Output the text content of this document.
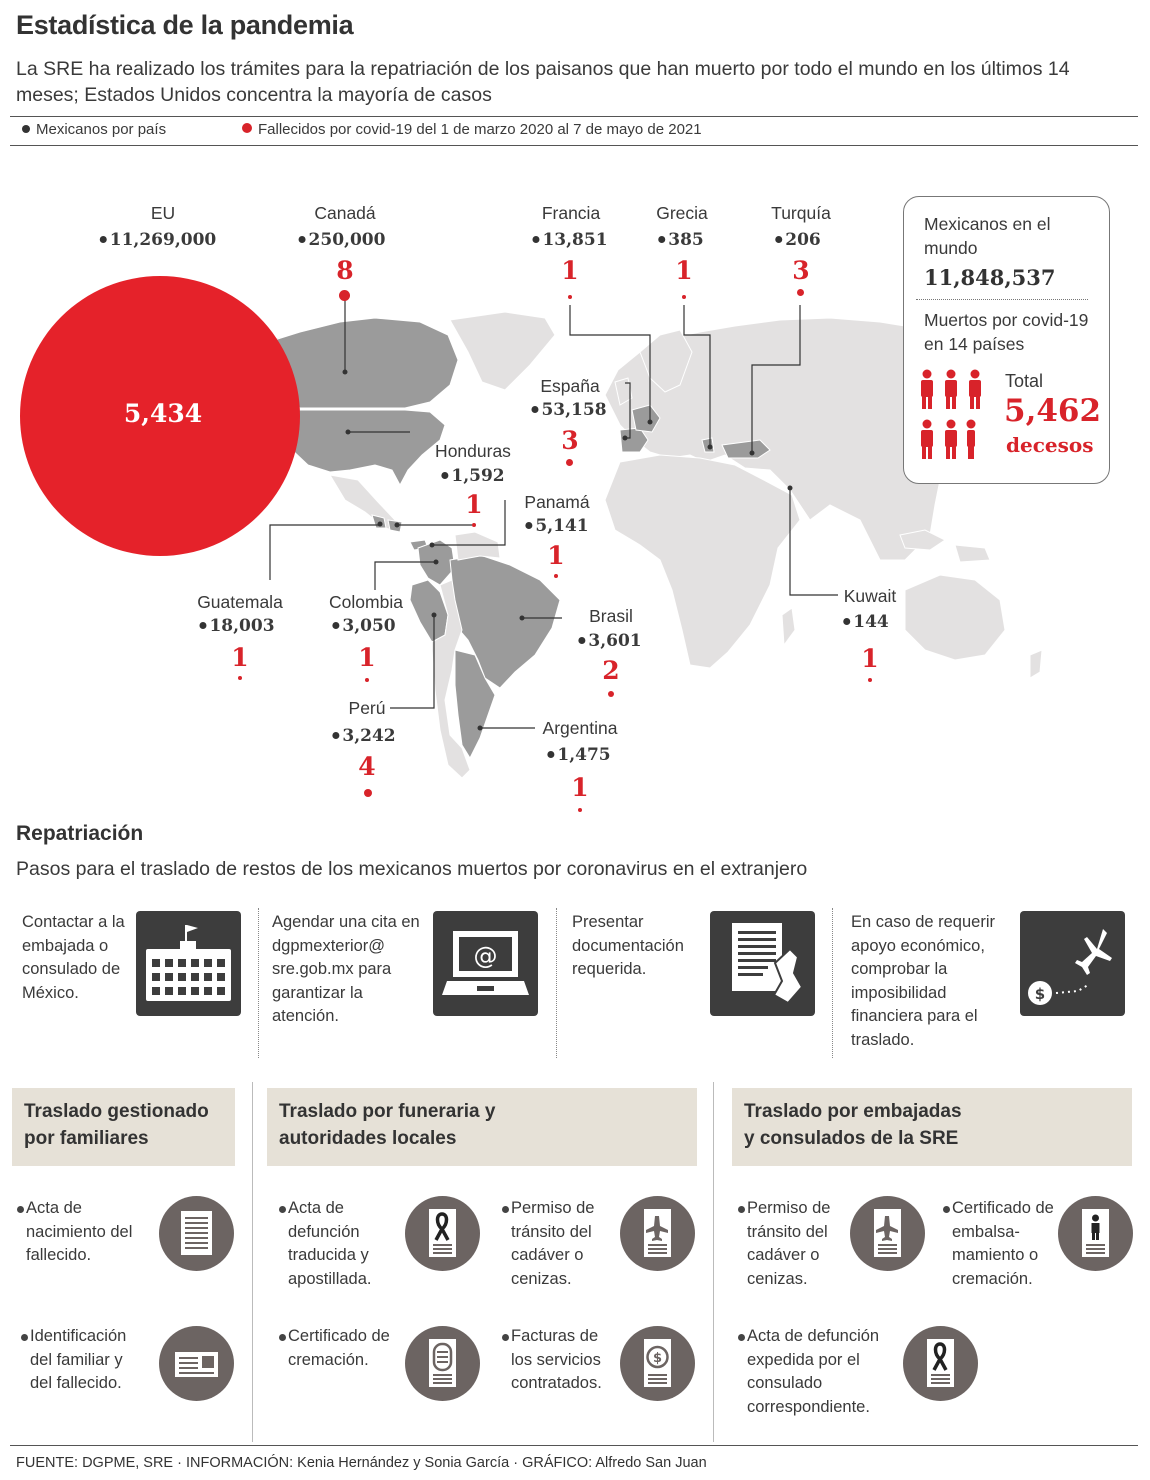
Estadística de la pandemia
La SRE ha realizado los trámites para la repatriación de los paisanos que han muerto por todo el mundo en los últimos 14 meses; Estados Unidos concentra la mayoría de casos
Mexicanos por país	Fallecidos por covid-19 del 1 de marzo 2020 al 7 de mayo de 2021
5,434
EU
11,269,000
Canadá
250,000
8
Francia
13,851
1
Grecia
385
1
Turquía
206
3
España
53,158
3
Honduras
1,592
1 Panamá
5,141
1
Guatemala
18,003
1
Colombia
3,050
1
Brasil
3,601
2
Kuwait
144
1
Perú
3,242
4
Argentina
1,475
1
Mexicanos en el mundo
11,848,537
Muertos por covid-19 en 14 países
Total
5,462
decesos
Repatriación
Pasos para el traslado de restos de los mexicanos muertos por coronavirus en el extranjero
Contactar a la embajada o consulado de México.
Agendar una cita en dgpmexterior@ sre.gob.mx para garantizar la atención.
@
Presentar documentación requerida.
En caso de requerir apoyo económico, comprobar la imposibilidad financiera para el traslado.
$
Traslado gestionado por familiares
Traslado por funeraria y autoridades locales
Traslado por embajadas y consulados de la SRE
Acta de nacimiento del fallecido.
Identificación del familiar y del fallecido.
Acta de defunción traducida y apostillada.
Permiso de tránsito del cadáver o cenizas.
Certificado de cremación.
Facturas de los servicios contratados.
$
Permiso de tránsito del cadáver o cenizas.
Certificado de embalsa-mamiento o cremación.
Acta de defunción expedida por el consulado correspondiente.
FUENTE: DGPME, SRE · INFORMACIÓN: Kenia Hernández y Sonia García · GRÁFICO: Alfredo San Juan
